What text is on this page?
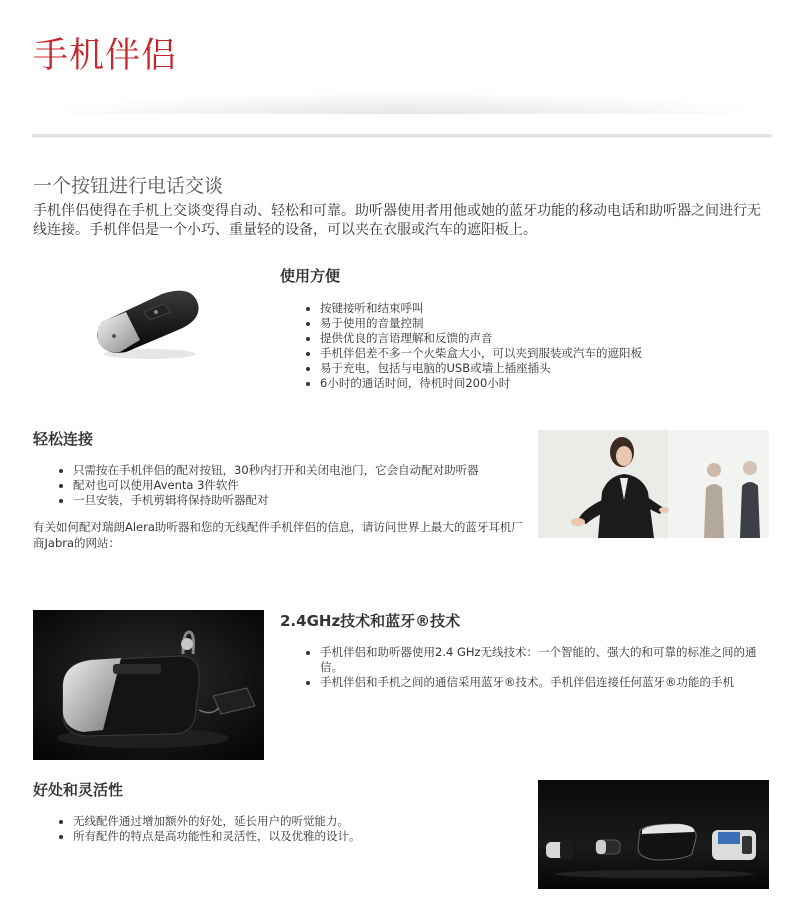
手机伴侣
一个按钮进行电话交谈

手机伴侣使得在手机上交谈变得自动、轻松和可靠。助听器使用者用他或她的蓝牙功能的移动电话和助听器之间进行无线连接。手机伴侣是一个小巧、重量轻的设备，可以夹在衣服或汽车的遮阳板上。

使用方便
• 按键接听和结束呼叫
• 易于使用的音量控制
• 提供优良的言语理解和反馈的声音
• 手机伴侣差不多一个火柴盒大小，可以夹到服装或汽车的遮阳板
• 易于充电，包括与电脑的USB或墙上插座插头
• 6小时的通话时间，待机时间200小时
轻松连接
• 只需按在手机伴侣的配对按钮，30秒内打开和关闭电池门，它会自动配对助听器
• 配对也可以使用Aventa 3件软件
• 一旦安装，手机剪辑将保持助听器配对

有关如何配对瑞朗Alera助听器和您的无线配件手机伴侣的信息，请访问世界上最大的蓝牙耳机厂商Jabra的网站：

2.4GHz技术和蓝牙®技术
• 手机伴侣和助听器使用2.4 GHz无线技术：一个智能的、强大的和可靠的标准之间的通信。
• 手机伴侣和手机之间的通信采用蓝牙®技术。手机伴侣连接任何蓝牙®功能的手机
好处和灵活性
• 无线配件通过增加额外的好处，延长用户的听觉能力。
• 所有配件的特点是高功能性和灵活性，以及优雅的设计。
